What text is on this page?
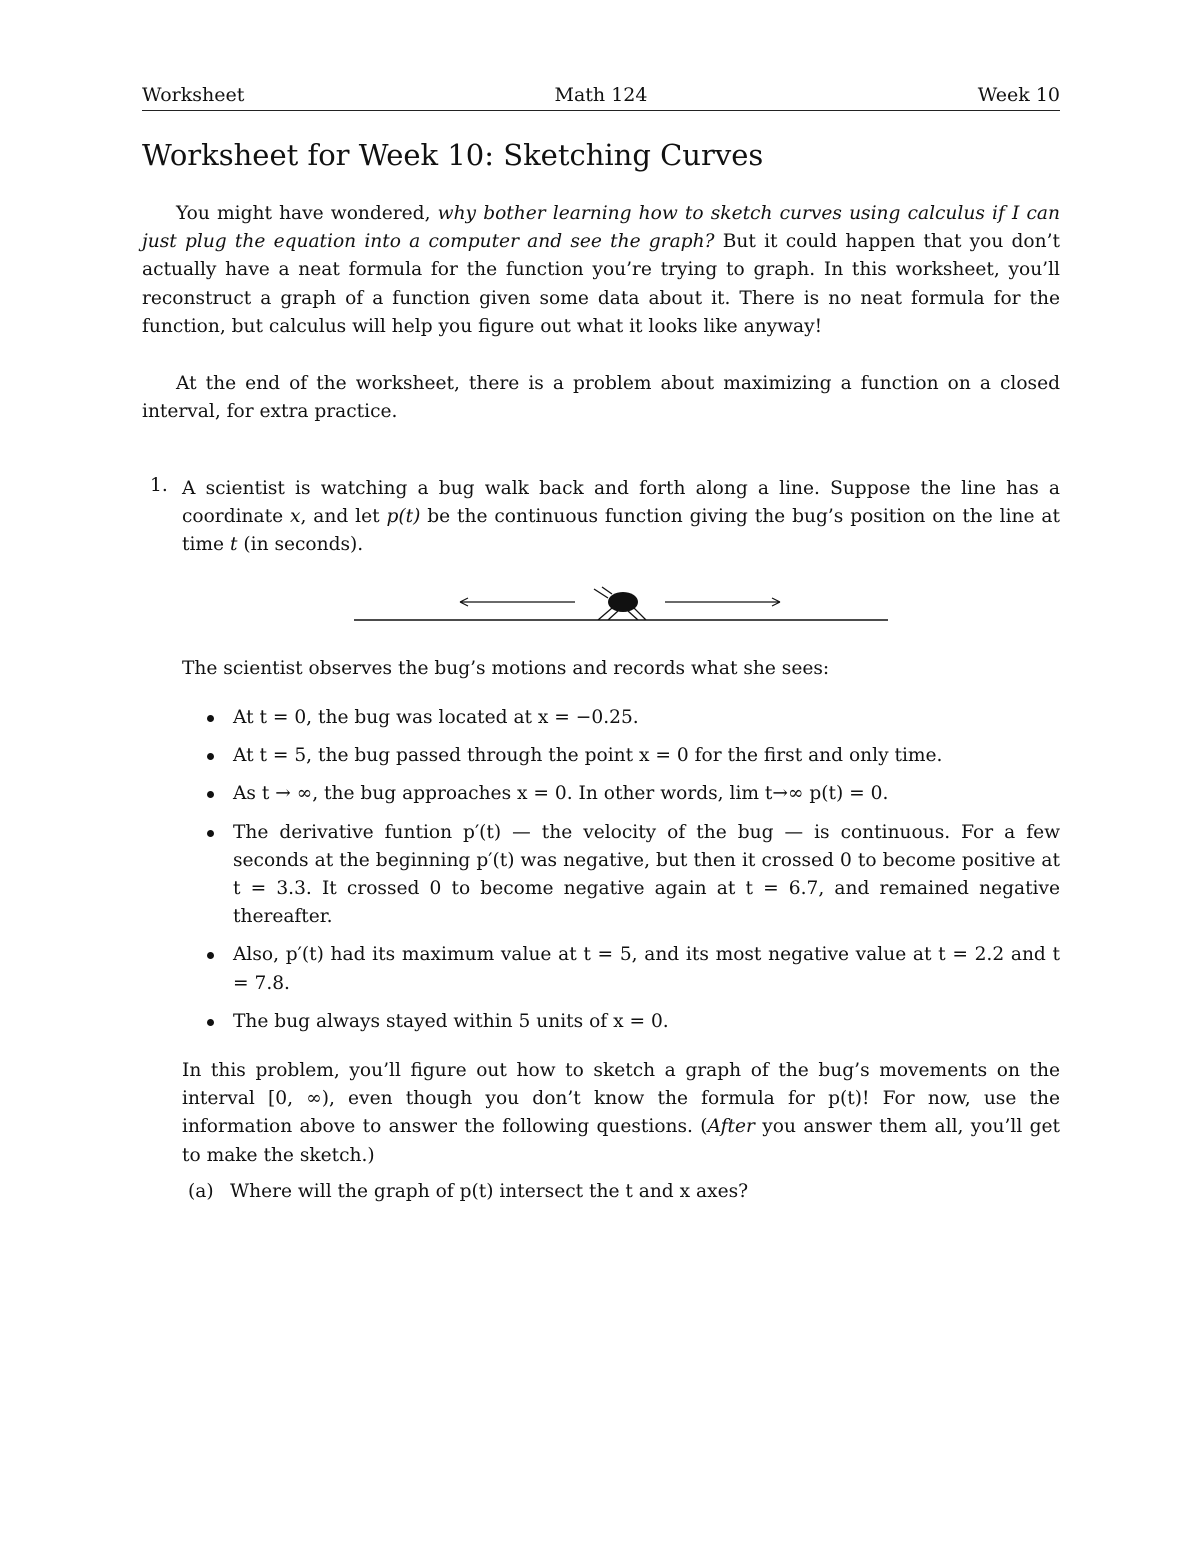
Worksheet	Math 124	Week 10
Worksheet for Week 10: Sketching Curves

You might have wondered, why bother learning how to sketch curves using calculus if I can just plug the equation into a computer and see the graph? But it could happen that you don’t actually have a neat formula for the function you’re trying to graph. In this worksheet, you’ll reconstruct a graph of a function given some data about it. There is no neat formula for the function, but calculus will help you figure out what it looks like anyway!

At the end of the worksheet, there is a problem about maximizing a function on a closed interval, for extra practice.

1. A scientist is watching a bug walk back and forth along a line. Suppose the line has a coordinate x, and let p(t) be the continuous function giving the bug’s position on the line at time t (in seconds).

The scientist observes the bug’s motions and records what she sees:

At t = 0, the bug was located at x = −0.25.
At t = 5, the bug passed through the point x = 0 for the first and only time.
As t → ∞, the bug approaches x = 0. In other words, lim t→∞ p(t) = 0.
The derivative funtion p′(t) — the velocity of the bug — is continuous. For a few seconds at the beginning p′(t) was negative, but then it crossed 0 to become positive at t = 3.3. It crossed 0 to become negative again at t = 6.7, and remained negative thereafter.
Also, p′(t) had its maximum value at t = 5, and its most negative value at t = 2.2 and t = 7.8.
The bug always stayed within 5 units of x = 0.

In this problem, you’ll figure out how to sketch a graph of the bug’s movements on the interval [0, ∞), even though you don’t know the formula for p(t)! For now, use the information above to answer the following questions. (After you answer them all, you’ll get to make the sketch.)

(a) Where will the graph of p(t) intersect the t and x axes?
